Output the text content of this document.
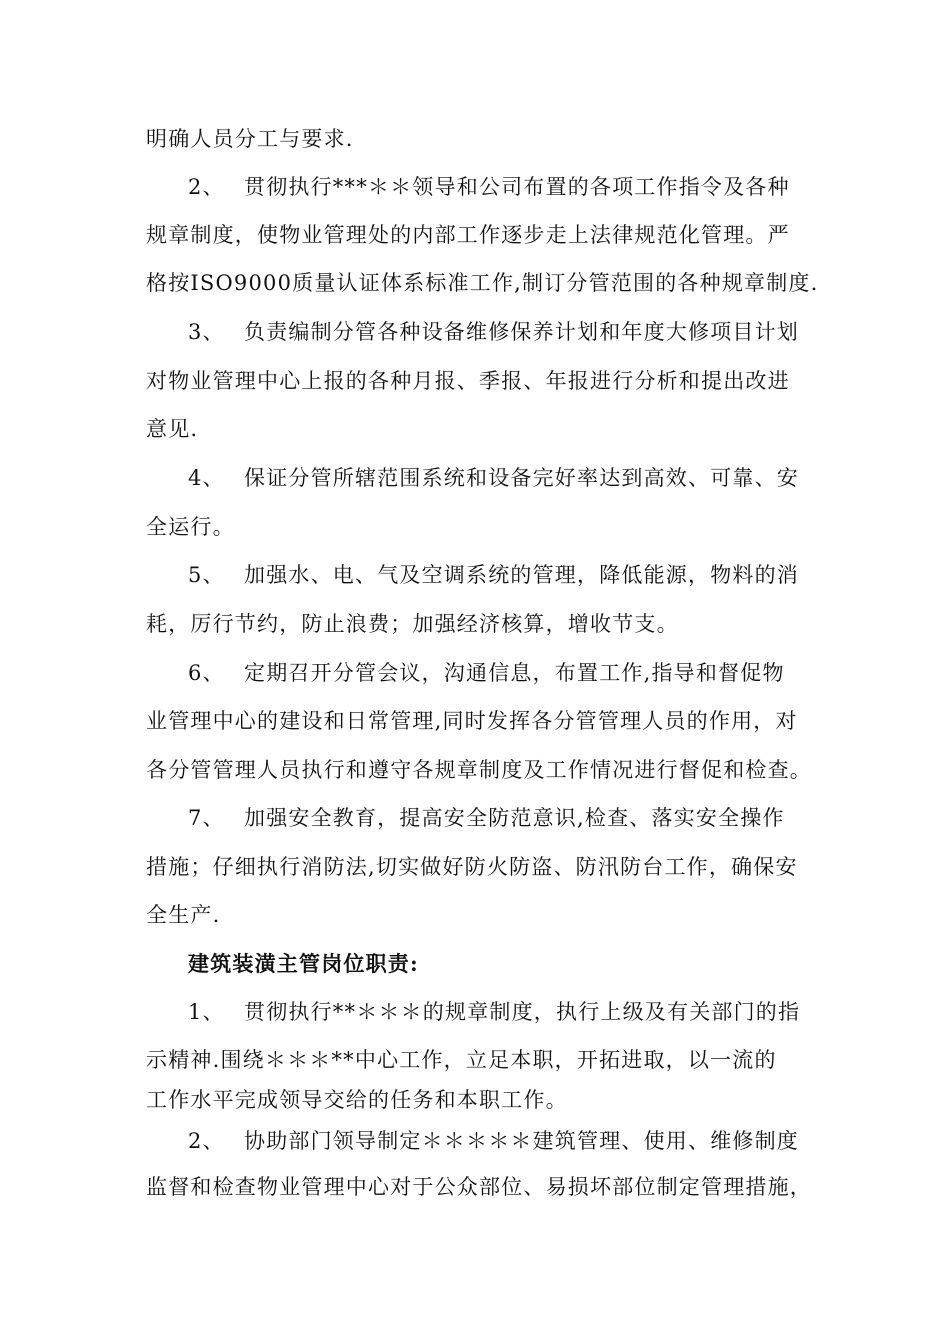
明确人员分工与要求.
2、 贯彻执行***＊＊领导和公司布置的各项工作指令及各种
规章制度，使物业管理处的内部工作逐步走上法律规范化管理。严
格按ISO9000质量认证体系标准工作,制订分管范围的各种规章制度.
3、 负责编制分管各种设备维修保养计划和年度大修项目计划
对物业管理中心上报的各种月报、季报、年报进行分析和提出改进
意见.
4、 保证分管所辖范围系统和设备完好率达到高效、可靠、安
全运行。
5、 加强水、电、气及空调系统的管理，降低能源，物料的消
耗，厉行节约，防止浪费；加强经济核算，增收节支。
6、 定期召开分管会议，沟通信息，布置工作,指导和督促物
业管理中心的建设和日常管理,同时发挥各分管管理人员的作用，对
各分管管理人员执行和遵守各规章制度及工作情况进行督促和检查。
7、 加强安全教育，提高安全防范意识,检查、落实安全操作
措施；仔细执行消防法,切实做好防火防盗、防汛防台工作，确保安
全生产.
建筑装潢主管岗位职责:
1、 贯彻执行**＊＊＊的规章制度，执行上级及有关部门的指
示精神.围绕＊＊＊**中心工作，立足本职，开拓进取，以一流的
工作水平完成领导交给的任务和本职工作。
2、 协助部门领导制定＊＊＊＊＊建筑管理、使用、维修制度
监督和检查物业管理中心对于公众部位、易损坏部位制定管理措施，
